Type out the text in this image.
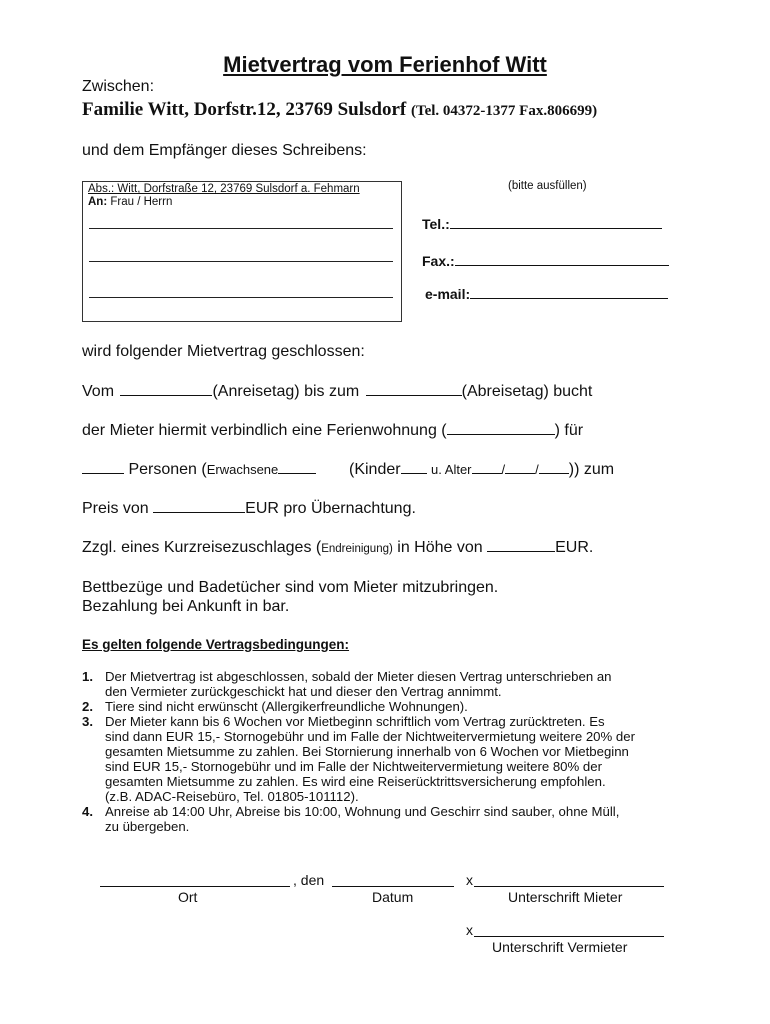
Mietvertrag vom Ferienhof Witt
Zwischen:
Familie Witt, Dorfstr.12, 23769 Sulsdorf (Tel. 04372-1377 Fax.806699)
und dem Empfänger dieses Schreibens:
Abs.: Witt, Dorfstraße 12, 23769 Sulsdorf a. Fehmarn
An: Frau / Herrn
(bitte ausfüllen)
Tel.:
Fax.:
e-mail:
wird folgender Mietvertrag geschlossen:
Vom	(Anreisetag) bis zum	(Abreisetag) bucht
der Mieter hiermit verbindlich eine Ferienwohnung (	) für
Personen (Erwachsene	(Kinder u. Alter / / )) zum
Preis von	EUR pro Übernachtung.
Zzgl. eines Kurzreisezuschlages (Endreinigung) in Höhe von	EUR.
Bettbezüge und Badetücher sind vom Mieter mitzubringen.
Bezahlung bei Ankunft in bar.
Es gelten folgende Vertragsbedingungen:
1. Der Mietvertrag ist abgeschlossen, sobald der Mieter diesen Vertrag unterschrieben an
den Vermieter zurückgeschickt hat und dieser den Vertrag annimmt.
2. Tiere sind nicht erwünscht (Allergikerfreundliche Wohnungen).
3. Der Mieter kann bis 6 Wochen vor Mietbeginn schriftlich vom Vertrag zurücktreten. Es
sind dann EUR 15,- Stornogebühr und im Falle der Nichtweitervermietung weitere 20% der
gesamten Mietsumme zu zahlen. Bei Stornierung innerhalb von 6 Wochen vor Mietbeginn
sind EUR 15,- Stornogebühr und im Falle der Nichtweitervermietung weitere 80% der
gesamten Mietsumme zu zahlen. Es wird eine Reiserücktrittsversicherung empfohlen.
(z.B. ADAC-Reisebüro, Tel. 01805-101112).
4. Anreise ab 14:00 Uhr, Abreise bis 10:00, Wohnung und Geschirr sind sauber, ohne Müll,
zu übergeben.
, den	x
Ort	Datum	Unterschrift Mieter
x
Unterschrift Vermieter
